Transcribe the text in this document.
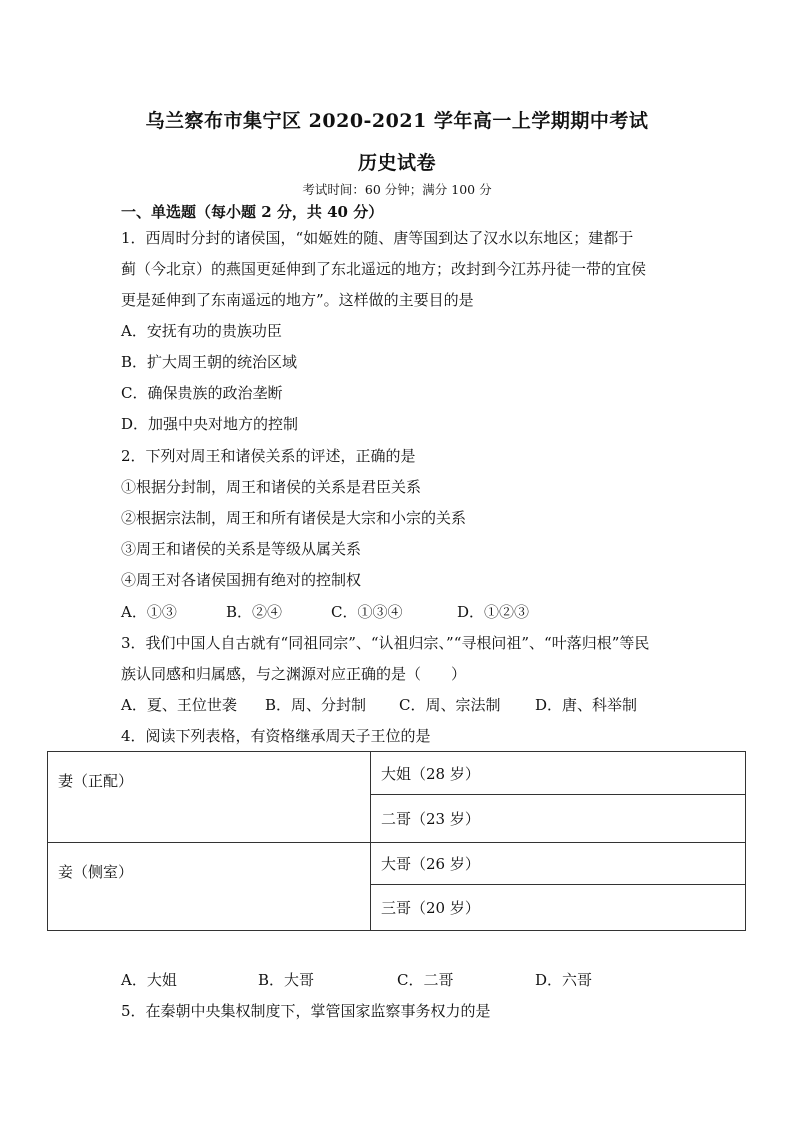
乌兰察布市集宁区 2020-2021 学年高一上学期期中考试
历史试卷
考试时间：60 分钟；满分 100 分
一、单选题（每小题 2 分，共 40 分）
1．西周时分封的诸侯国，“如姬姓的随、唐等国到达了汉水以东地区；建都于
蓟（今北京）的燕国更延伸到了东北遥远的地方；改封到今江苏丹徒一带的宜侯
更是延伸到了东南遥远的地方”。这样做的主要目的是
A．安抚有功的贵族功臣
B．扩大周王朝的统治区域
C．确保贵族的政治垄断
D．加强中央对地方的控制
2．下列对周王和诸侯关系的评述，正确的是
①根据分封制，周王和诸侯的关系是君臣关系
②根据宗法制，周王和所有诸侯是大宗和小宗的关系
③周王和诸侯的关系是等级从属关系
④周王对各诸侯国拥有绝对的控制权
A．①③	B．②④	C．①③④	D．①②③
3．我们中国人自古就有“同祖同宗”、“认祖归宗、”“寻根问祖”、“叶落归根”等民
族认同感和归属感，与之渊源对应正确的是（　　）
A．夏、王位世袭 B．周、分封制 C．周、宗法制 D．唐、科举制
4．阅读下列表格，有资格继承周天子王位的是
妻（正配）	大姐（28 岁）
	二哥（23 岁）
妾（侧室）	大哥（26 岁）
	三哥（20 岁）
A．大姐	B．大哥	C．二哥	D．六哥
5．在秦朝中央集权制度下，掌管国家监察事务权力的是
